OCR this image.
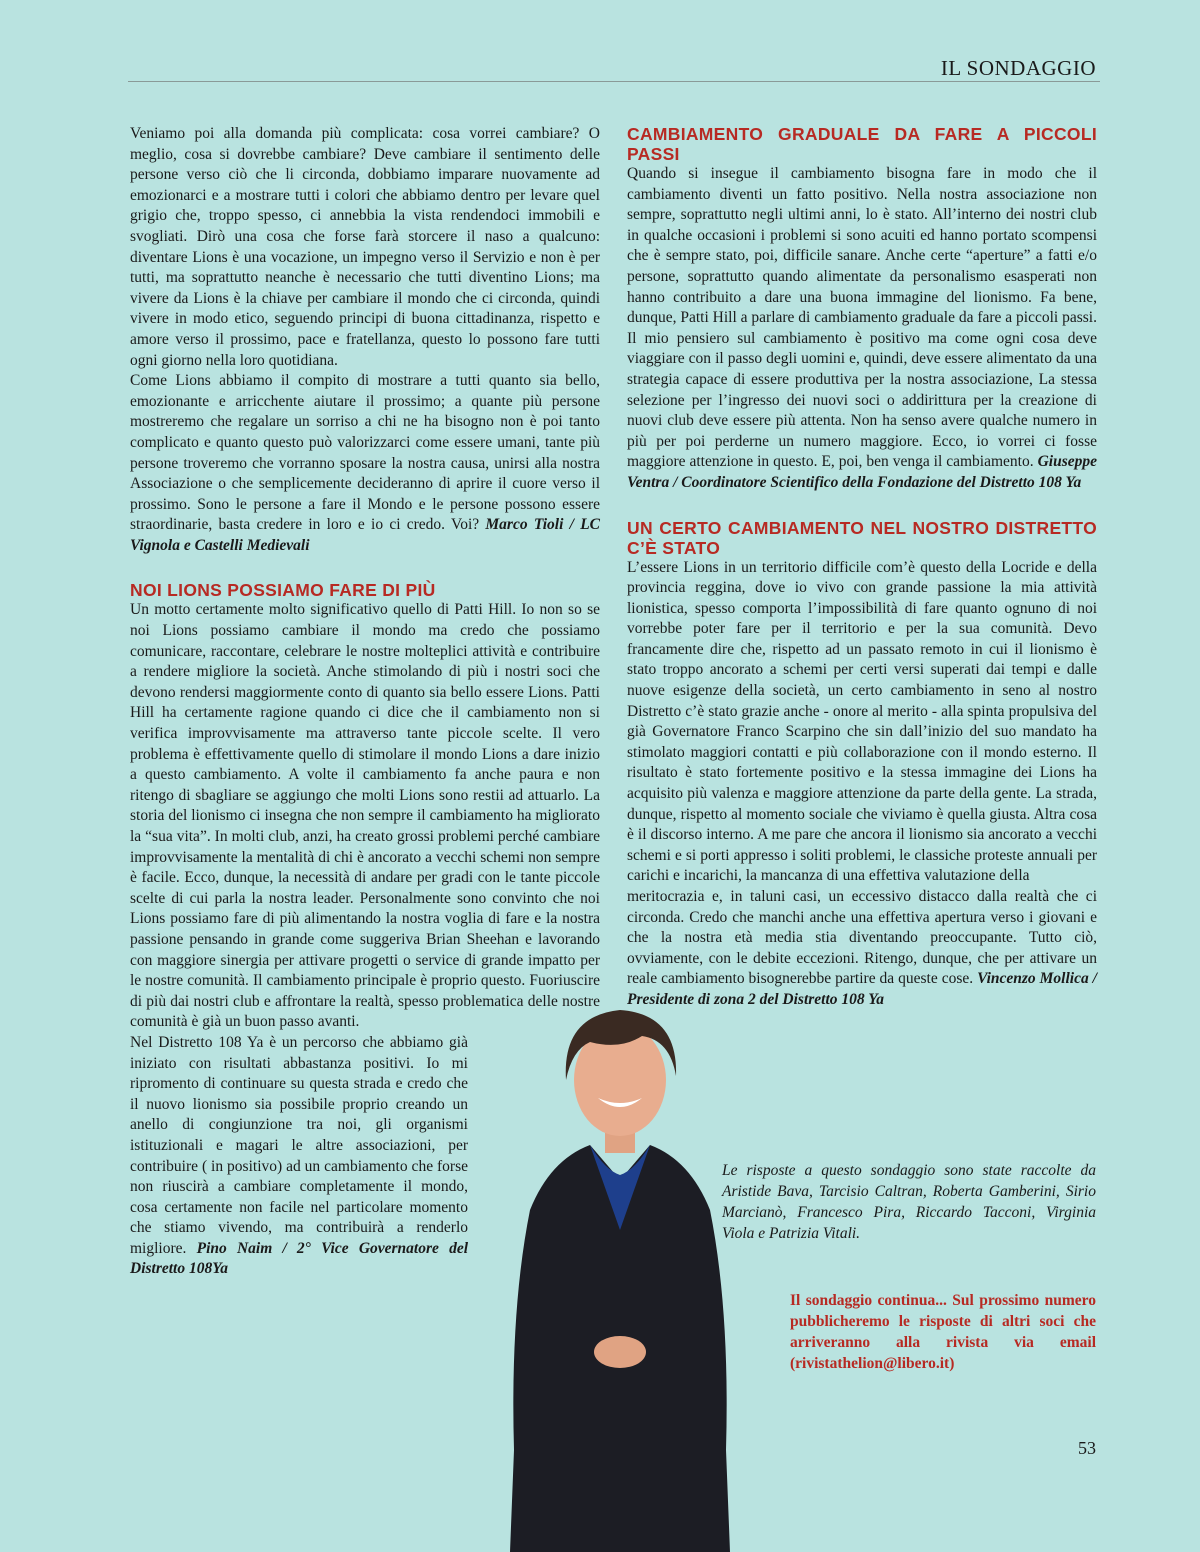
IL SONDAGGIO

Veniamo poi alla domanda più complicata: cosa vorrei cambiare? O meglio, cosa si dovrebbe cambiare? Deve cambiare il sentimento delle persone verso ciò che li circonda, dobbiamo imparare nuovamente ad emozionarci e a mostrare tutti i colori che abbiamo dentro per levare quel grigio che, troppo spesso, ci annebbia la vista rendendoci immobili e svogliati. Dirò una cosa che forse farà storcere il naso a qualcuno: diventare Lions è una vocazione, un impegno verso il Servizio e non è per tutti, ma soprattutto neanche è necessario che tutti diventino Lions; ma vivere da Lions è la chiave per cambiare il mondo che ci circonda, quindi vivere in modo etico, seguendo principi di buona cittadinanza, rispetto e amore verso il prossimo, pace e fratellanza, questo lo possono fare tutti ogni giorno nella loro quotidiana.

Come Lions abbiamo il compito di mostrare a tutti quanto sia bello, emozionante e arricchente aiutare il prossimo; a quante più persone mostreremo che regalare un sorriso a chi ne ha bisogno non è poi tanto complicato e quanto questo può valorizzarci come essere umani, tante più persone troveremo che vorranno sposare la nostra causa, unirsi alla nostra Associazione o che semplicemente decideranno di aprire il cuore verso il prossimo. Sono le persone a fare il Mondo e le persone possono essere straordinarie, basta credere in loro e io ci credo. Voi? Marco Tioli / LC Vignola e Castelli Medievali

NOI LIONS POSSIAMO FARE DI PIÙ

Un motto certamente molto significativo quello di Patti Hill. Io non so se noi Lions possiamo cambiare il mondo ma credo che possiamo comunicare, raccontare, celebrare le nostre molteplici attività e contribuire a rendere migliore la società. Anche stimolando di più i nostri soci che devono rendersi maggiormente conto di quanto sia bello essere Lions. Patti Hill ha certamente ragione quando ci dice che il cambiamento non si verifica improvvisamente ma attraverso tante piccole scelte. Il vero problema è effettivamente quello di stimolare il mondo Lions a dare inizio a questo cambiamento. A volte il cambiamento fa anche paura e non ritengo di sbagliare se aggiungo che molti Lions sono restii ad attuarlo. La storia del lionismo ci insegna che non sempre il cambiamento ha migliorato la “sua vita”. In molti club, anzi, ha creato grossi problemi perché cambiare improvvisamente la mentalità di chi è ancorato a vecchi schemi non sempre è facile. Ecco, dunque, la necessità di andare per gradi con le tante piccole scelte di cui parla la nostra leader. Personalmente sono convinto che noi Lions possiamo fare di più alimentando la nostra voglia di fare e la nostra passione pensando in grande come suggeriva Brian Sheehan e lavorando con maggiore sinergia per attivare progetti o service di grande impatto per le nostre comunità. Il cambiamento principale è proprio questo. Fuoriuscire di più dai nostri club e affrontare la realtà, spesso problematica delle nostre comunità è già un buon passo avanti.

Nel Distretto 108 Ya è un percorso che abbiamo già iniziato con risultati abbastanza positivi. Io mi ripromento di continuare su questa strada e credo che il nuovo lionismo sia possibile proprio creando un anello di congiunzione tra noi, gli organismi istituzionali e magari le altre associazioni, per contribuire ( in positivo) ad un cambiamento che forse non riuscirà a cambiare completamente il mondo, cosa certamente non facile nel particolare momento che stiamo vivendo, ma contribuirà a renderlo migliore. Pino Naim / 2° Vice Governatore del Distretto 108Ya

CAMBIAMENTO GRADUALE DA FARE A PICCOLI PASSI

Quando si insegue il cambiamento bisogna fare in modo che il cambiamento diventi un fatto positivo. Nella nostra associazione non sempre, soprattutto negli ultimi anni, lo è stato. All’interno dei nostri club in qualche occasioni i problemi si sono acuiti ed hanno portato scompensi che è sempre stato, poi, difficile sanare. Anche certe “aperture” a fatti e/o persone, soprattutto quando alimentate da personalismo esasperati non hanno contribuito a dare una buona immagine del lionismo. Fa bene, dunque, Patti Hill a parlare di cambiamento graduale da fare a piccoli passi. Il mio pensiero sul cambiamento è positivo ma come ogni cosa deve viaggiare con il passo degli uomini e, quindi, deve essere alimentato da una strategia capace di essere produttiva per la nostra associazione, La stessa selezione per l’ingresso dei nuovi soci o addirittura per la creazione di nuovi club deve essere più attenta. Non ha senso avere qualche numero in più per poi perderne un numero maggiore. Ecco, io vorrei ci fosse maggiore attenzione in questo. E, poi, ben venga il cambiamento. Giuseppe Ventra / Coordinatore Scientifico della Fondazione del Distretto 108 Ya

UN CERTO CAMBIAMENTO NEL NOSTRO DISTRETTO C’È STATO

L’essere Lions in un territorio difficile com’è questo della Locride e della provincia reggina, dove io vivo con grande passione la mia attività lionistica, spesso comporta l’impossibilità di fare quanto ognuno di noi vorrebbe poter fare per il territorio e per la sua comunità. Devo francamente dire che, rispetto ad un passato remoto in cui il lionismo è stato troppo ancorato a schemi per certi versi superati dai tempi e dalle nuove esigenze della società, un certo cambiamento in seno al nostro Distretto c’è stato grazie anche - onore al merito - alla spinta propulsiva del già Governatore Franco Scarpino che sin dall’inizio del suo mandato ha stimolato maggiori contatti e più collaborazione con il mondo esterno. Il risultato è stato fortemente positivo e la stessa immagine dei Lions ha acquisito più valenza e maggiore attenzione da parte della gente. La strada, dunque, rispetto al momento sociale che viviamo è quella giusta. Altra cosa è il discorso interno. A me pare che ancora il lionismo sia ancorato a vecchi schemi e si porti appresso i soliti problemi, le classiche proteste annuali per carichi e incarichi, la mancanza di una effettiva valutazione della

meritocrazia e, in taluni casi, un eccessivo distacco dalla realtà che ci circonda. Credo che manchi anche una effettiva apertura verso i giovani e che la nostra età media stia diventando preoccupante. Tutto ciò, ovviamente, con le debite eccezioni. Ritengo, dunque, che per attivare un reale cambiamento bisognerebbe partire da queste cose. Vincenzo Mollica / Presidente di zona 2 del Distretto 108 Ya

Le risposte a questo sondaggio sono state raccolte da Aristide Bava, Tarcisio Caltran, Roberta Gamberini, Sirio Marcianò, Francesco Pira, Riccardo Tacconi, Virginia Viola e Patrizia Vitali.
Il sondaggio continua... Sul prossimo numero pubblicheremo le risposte di altri soci che arriveranno alla rivista via email (rivistathelion@libero.it)
53
